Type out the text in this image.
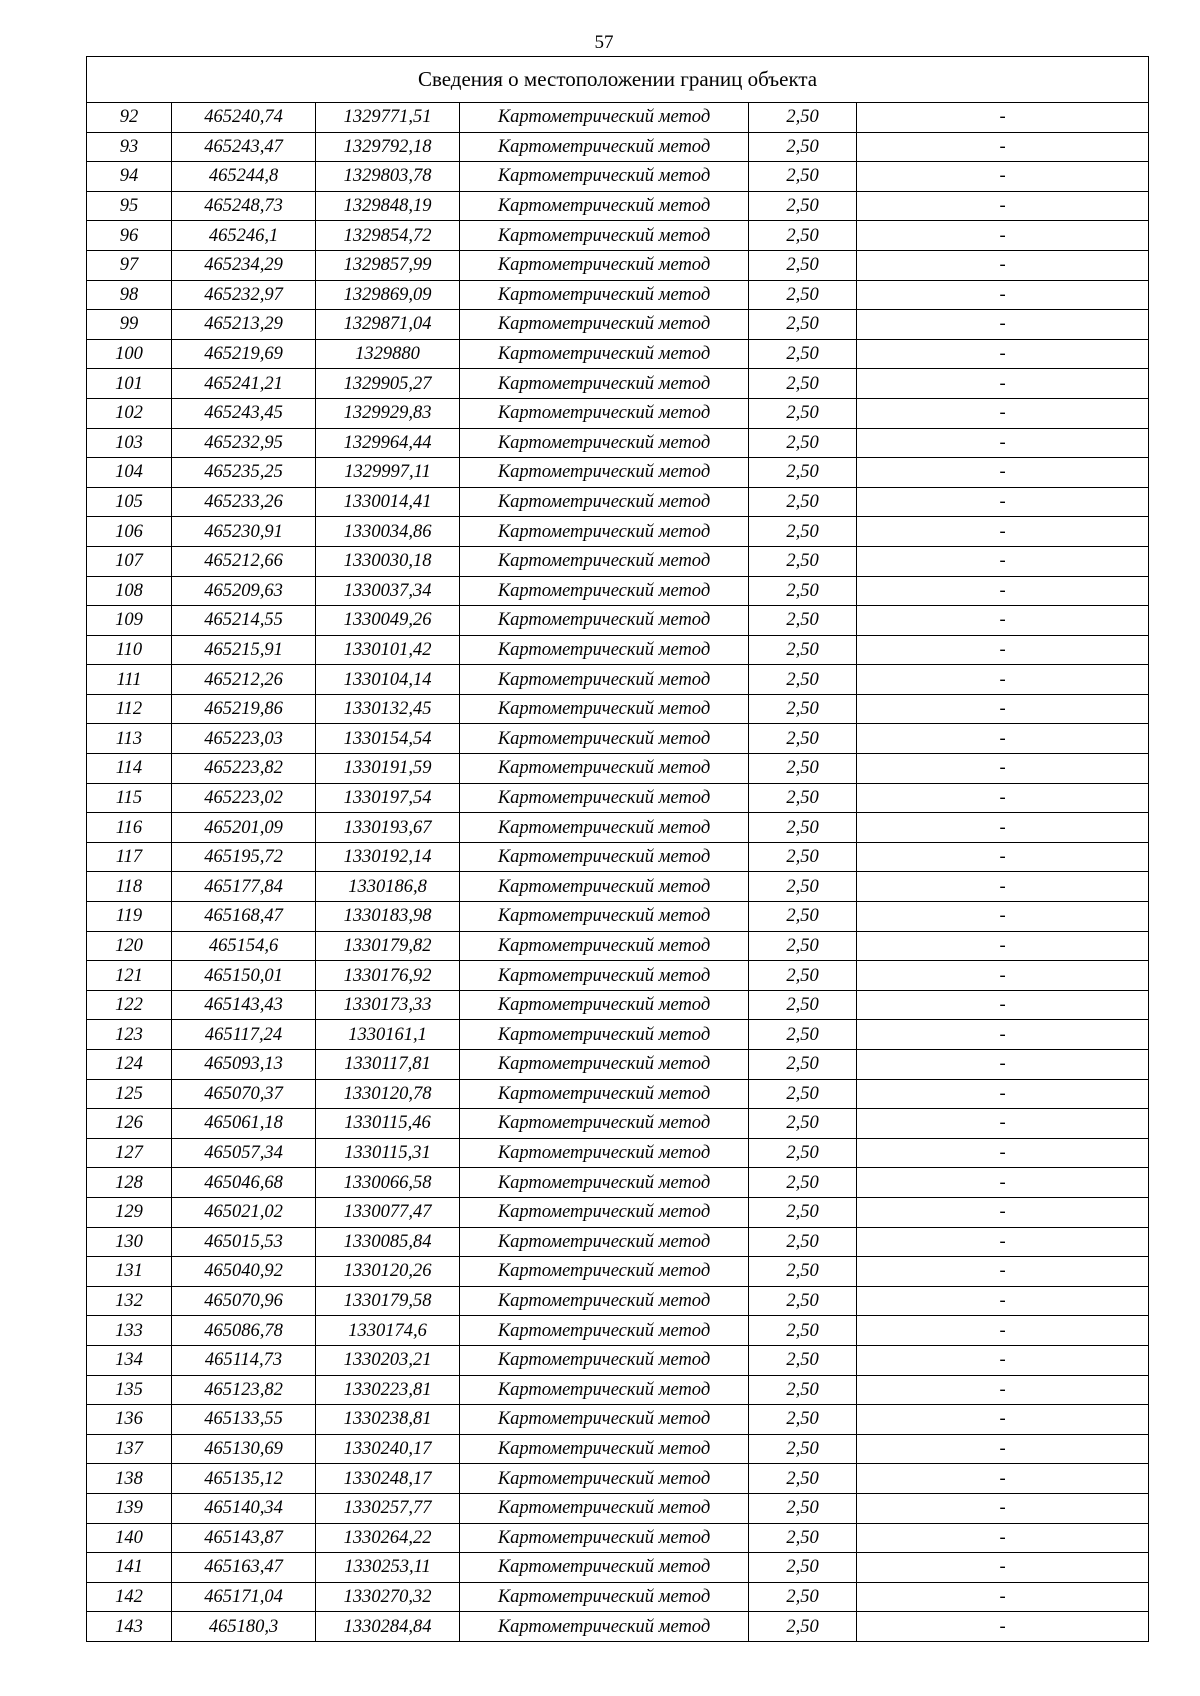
57
Сведения о местоположении границ объекта					
92	465240,74	1329771,51	Картометрический метод	2,50	-
93	465243,47	1329792,18	Картометрический метод	2,50	-
94	465244,8	1329803,78	Картометрический метод	2,50	-
95	465248,73	1329848,19	Картометрический метод	2,50	-
96	465246,1	1329854,72	Картометрический метод	2,50	-
97	465234,29	1329857,99	Картометрический метод	2,50	-
98	465232,97	1329869,09	Картометрический метод	2,50	-
99	465213,29	1329871,04	Картометрический метод	2,50	-
100	465219,69	1329880	Картометрический метод	2,50	-
101	465241,21	1329905,27	Картометрический метод	2,50	-
102	465243,45	1329929,83	Картометрический метод	2,50	-
103	465232,95	1329964,44	Картометрический метод	2,50	-
104	465235,25	1329997,11	Картометрический метод	2,50	-
105	465233,26	1330014,41	Картометрический метод	2,50	-
106	465230,91	1330034,86	Картометрический метод	2,50	-
107	465212,66	1330030,18	Картометрический метод	2,50	-
108	465209,63	1330037,34	Картометрический метод	2,50	-
109	465214,55	1330049,26	Картометрический метод	2,50	-
110	465215,91	1330101,42	Картометрический метод	2,50	-
111	465212,26	1330104,14	Картометрический метод	2,50	-
112	465219,86	1330132,45	Картометрический метод	2,50	-
113	465223,03	1330154,54	Картометрический метод	2,50	-
114	465223,82	1330191,59	Картометрический метод	2,50	-
115	465223,02	1330197,54	Картометрический метод	2,50	-
116	465201,09	1330193,67	Картометрический метод	2,50	-
117	465195,72	1330192,14	Картометрический метод	2,50	-
118	465177,84	1330186,8	Картометрический метод	2,50	-
119	465168,47	1330183,98	Картометрический метод	2,50	-
120	465154,6	1330179,82	Картометрический метод	2,50	-
121	465150,01	1330176,92	Картометрический метод	2,50	-
122	465143,43	1330173,33	Картометрический метод	2,50	-
123	465117,24	1330161,1	Картометрический метод	2,50	-
124	465093,13	1330117,81	Картометрический метод	2,50	-
125	465070,37	1330120,78	Картометрический метод	2,50	-
126	465061,18	1330115,46	Картометрический метод	2,50	-
127	465057,34	1330115,31	Картометрический метод	2,50	-
128	465046,68	1330066,58	Картометрический метод	2,50	-
129	465021,02	1330077,47	Картометрический метод	2,50	-
130	465015,53	1330085,84	Картометрический метод	2,50	-
131	465040,92	1330120,26	Картометрический метод	2,50	-
132	465070,96	1330179,58	Картометрический метод	2,50	-
133	465086,78	1330174,6	Картометрический метод	2,50	-
134	465114,73	1330203,21	Картометрический метод	2,50	-
135	465123,82	1330223,81	Картометрический метод	2,50	-
136	465133,55	1330238,81	Картометрический метод	2,50	-
137	465130,69	1330240,17	Картометрический метод	2,50	-
138	465135,12	1330248,17	Картометрический метод	2,50	-
139	465140,34	1330257,77	Картометрический метод	2,50	-
140	465143,87	1330264,22	Картометрический метод	2,50	-
141	465163,47	1330253,11	Картометрический метод	2,50	-
142	465171,04	1330270,32	Картометрический метод	2,50	-
143	465180,3	1330284,84	Картометрический метод	2,50	-
